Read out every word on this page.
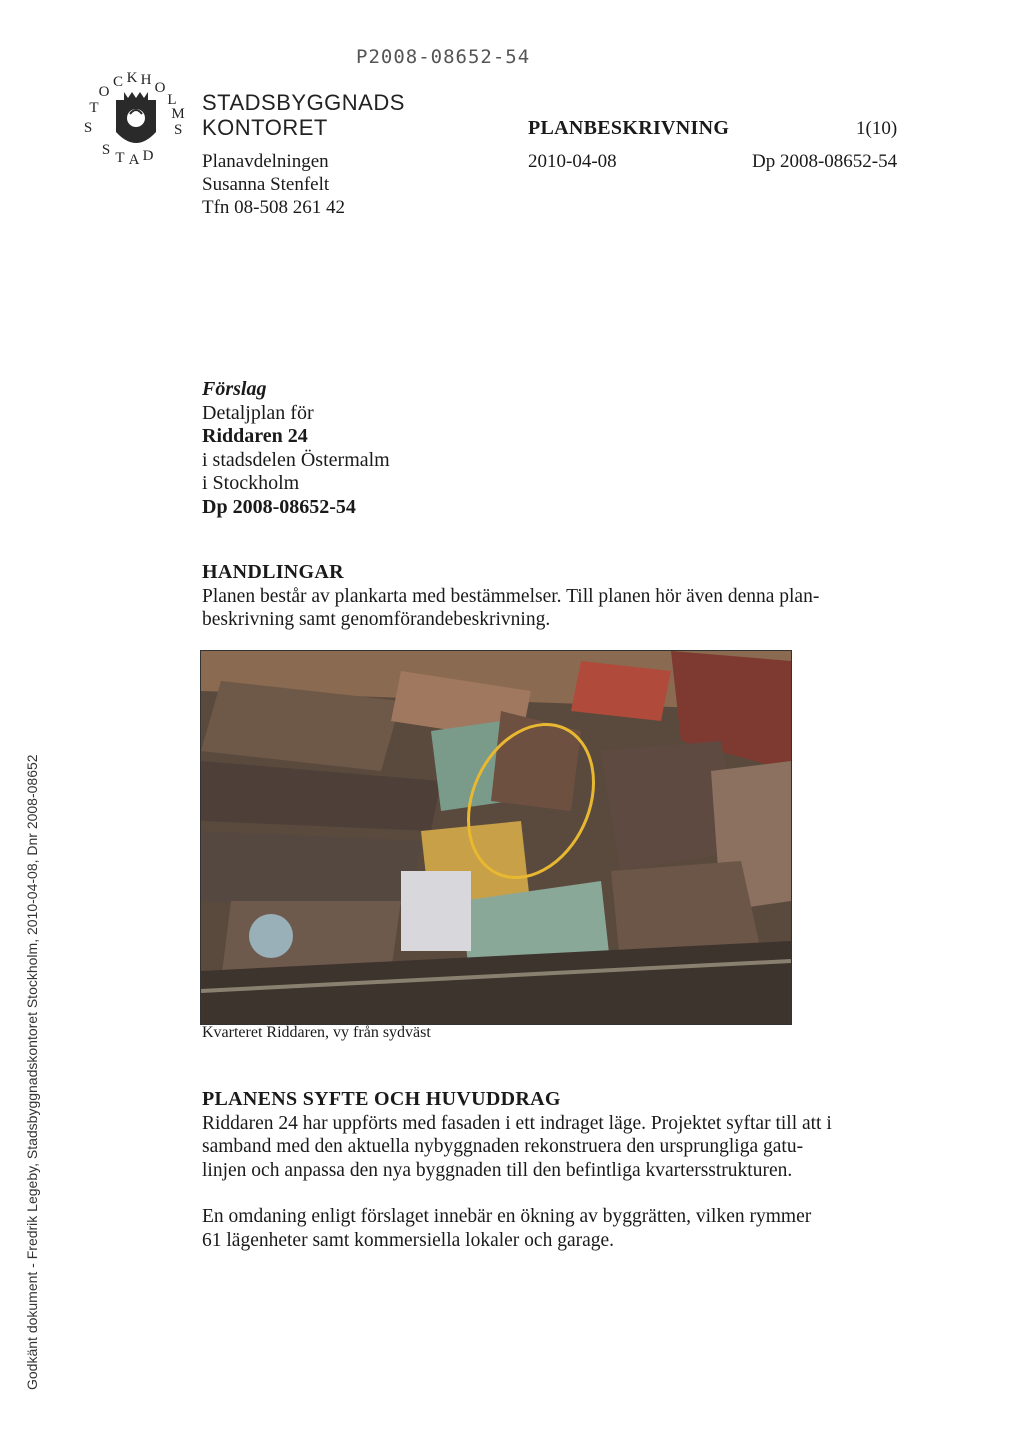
P2008-08652-54
STOC K H OL M S S T A D
STADSBYGGNADS
KONTORET
Planavdelningen
Susanna Stenfelt
Tfn 08-508 261 42
PLANBESKRIVNING	1(10)
2010-04-08	Dp 2008-08652-54
Förslag
Detaljplan för
Riddaren 24
i stadsdelen Östermalm
i Stockholm
Dp 2008-08652-54
HANDLINGAR

Planen består av plankarta med bestämmelser. Till planen hör även denna plan-beskrivning samt genomförandebeskrivning.

Kvarteret Riddaren, vy från sydväst
PLANENS SYFTE OCH HUVUDDRAG

Riddaren 24 har uppförts med fasaden i ett indraget läge. Projektet syftar till att i samband med den aktuella nybyggnaden rekonstruera den ursprungliga gatu-linjen och anpassa den nya byggnaden till den befintliga kvartersstrukturen.

En omdaning enligt förslaget innebär en ökning av byggrätten, vilken rymmer 61 lägenheter samt kommersiella lokaler och garage.

Godkänt dokument - Fredrik Legeby, Stadsbyggnadskontoret Stockholm, 2010-04-08, Dnr 2008-08652
